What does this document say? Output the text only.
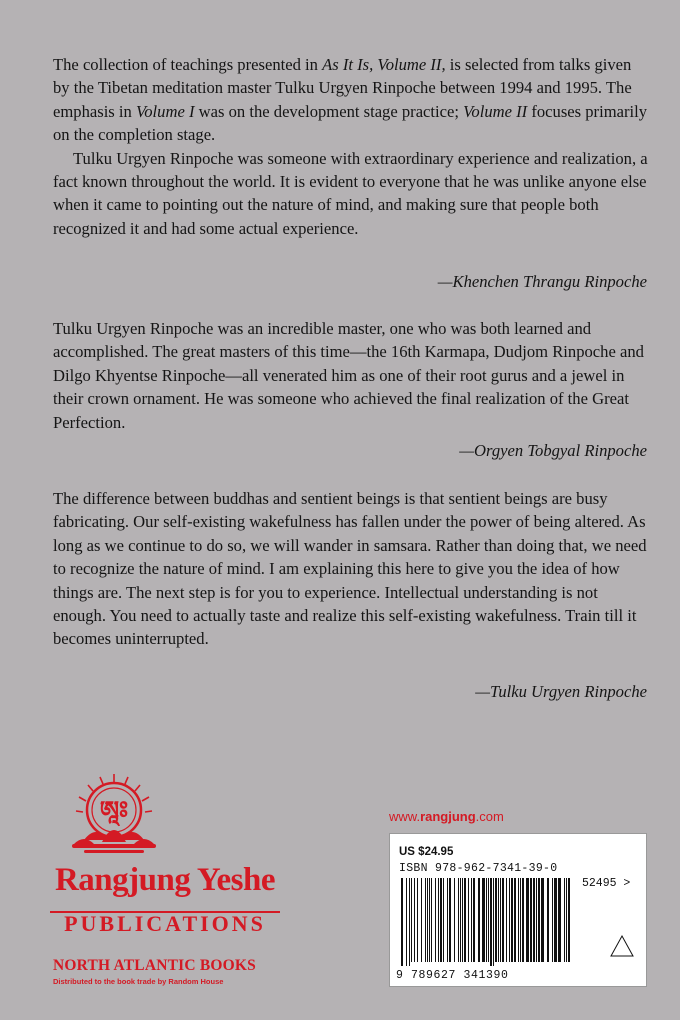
The collection of teachings presented in As It Is, Volume II, is selected from talks given by the Tibetan meditation master Tulku Urgyen Rinpoche between 1994 and 1995. The emphasis in Volume I was on the development stage practice; Volume II focuses primarily on the completion stage.

Tulku Urgyen Rinpoche was someone with extraordinary experience and realization, a fact known throughout the world. It is evident to everyone that he was unlike anyone else when it came to pointing out the nature of mind, and making sure that people both recognized it and had some actual experience.

—Khenchen Thrangu Rinpoche

Tulku Urgyen Rinpoche was an incredible master, one who was both learned and accomplished. The great masters of this time—the 16th Karmapa, Dudjom Rinpoche and Dilgo Khyentse Rinpoche—all venerated him as one of their root gurus and a jewel in their crown ornament. He was someone who achieved the final realization of the Great Perfection.

—Orgyen Tobgyal Rinpoche

The difference between buddhas and sentient beings is that sentient beings are busy fabricating. Our self-existing wakefulness has fallen under the power of being altered. As long as we continue to do so, we will wander in samsara. Rather than doing that, we need to recognize the nature of mind. I am explaining this here to give you the idea of how things are. The next step is for you to experience. Intellectual understanding is not enough. You need to actually taste and realize this self-existing wakefulness. Train till it becomes uninterrupted.

—Tulku Urgyen Rinpoche
ཨཱཿ
Rangjung Yeshe
PUBLICATIONS
NORTH ATLANTIC BOOKS
Distributed to the book trade by Random House
www.rangjung.com
US $24.95
ISBN 978-962-7341-39-0
52495 >
9 789627 341390
